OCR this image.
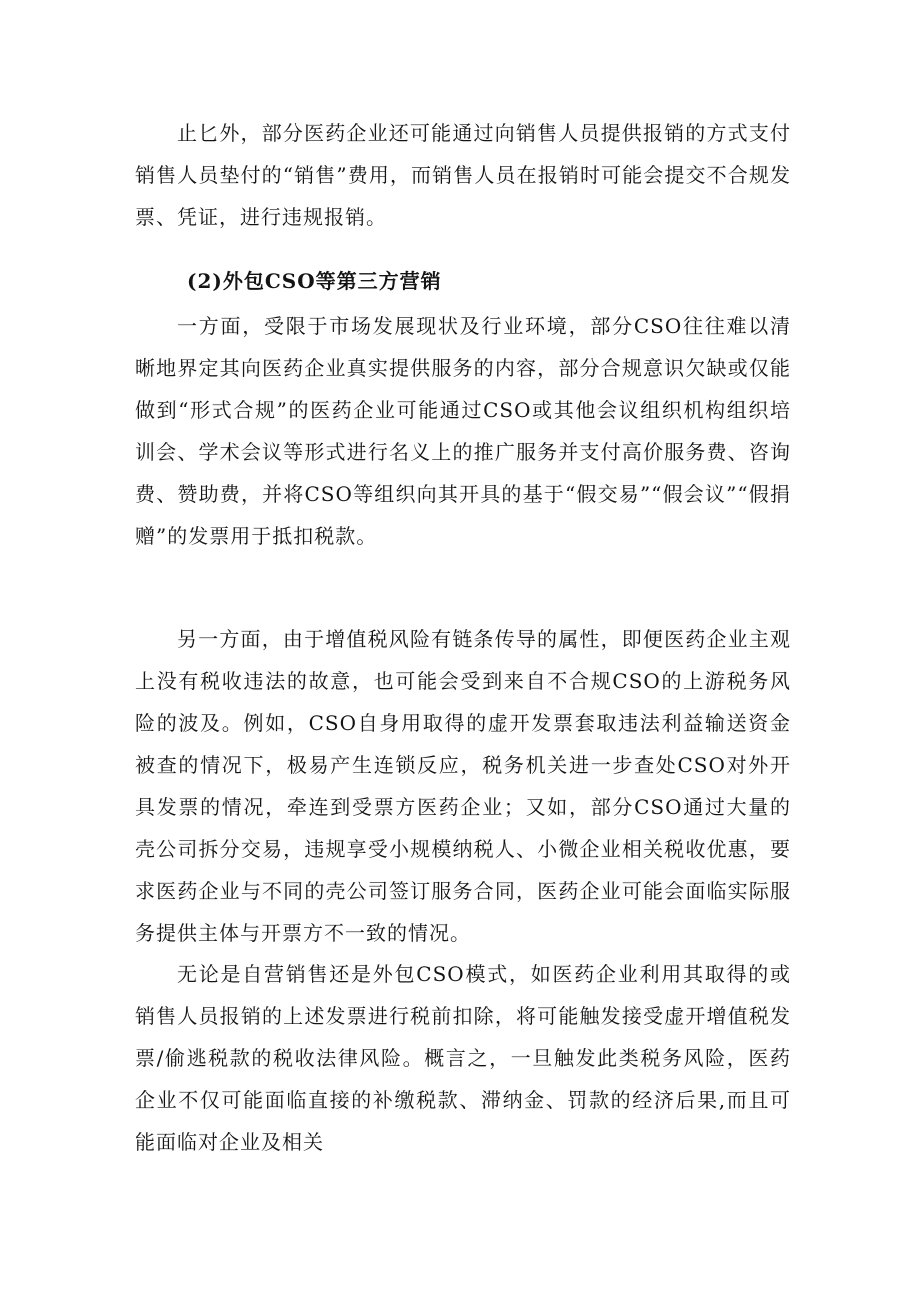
止匕外，部分医药企业还可能通过向销售人员提供报销的方式支付销售人员垫付的“销售”费用，而销售人员在报销时可能会提交不合规发票、凭证，进行违规报销。

(2)外包CSO等第三方营销

一方面，受限于市场发展现状及行业环境，部分CSO往往难以清晰地界定其向医药企业真实提供服务的内容，部分合规意识欠缺或仅能做到“形式合规”的医药企业可能通过CSO或其他会议组织机构组织培训会、学术会议等形式进行名义上的推广服务并支付高价服务费、咨询费、赞助费，并将CSO等组织向其开具的基于“假交易”“假会议”“假捐赠”的发票用于抵扣税款。

另一方面，由于增值税风险有链条传导的属性，即便医药企业主观上没有税收违法的故意，也可能会受到来自不合规CSO的上游税务风险的波及。例如，CSO自身用取得的虚开发票套取违法利益输送资金被查的情况下，极易产生连锁反应，税务机关进一步查处CSO对外开具发票的情况，牵连到受票方医药企业；又如，部分CSO通过大量的壳公司拆分交易，违规享受小规模纳税人、小微企业相关税收优惠，要求医药企业与不同的壳公司签订服务合同，医药企业可能会面临实际服务提供主体与开票方不一致的情况。

无论是自营销售还是外包CSO模式，如医药企业利用其取得的或销售人员报销的上述发票进行税前扣除，将可能触发接受虚开增值税发票/偷逃税款的税收法律风险。概言之，一旦触发此类税务风险，医药企业不仅可能面临直接的补缴税款、滞纳金、罚款的经济后果,而且可能面临对企业及相关
